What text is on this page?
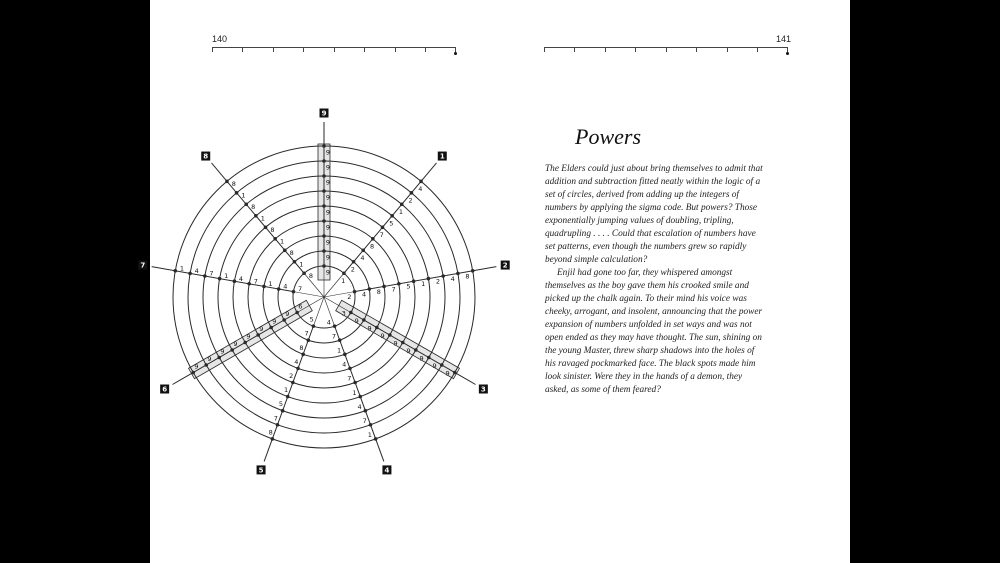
140	141
9
9
9
9
9
9
9
9
9
9
1
2
4
8
7
5
1
2
4
1
2 4 8 7 5 1 2 4 8
2
3
9
9
9
9
9
9
9
9
3
4
7
1
4
7
1
4
7
1
4
5
7
8
4
2
1
5
7
8
5
6
9
9
9
9
9
9
9
9
6
7
4
1
7
4
1
7
4
1
7
8
1
8
1
8
1
8
1
8
8
Powers

The Elders could just about bring themselves to admit that addition and subtraction fitted neatly within the logic of a set of circles, derived from adding up the integers of numbers by applying the sigma code. But powers? Those exponentially jumping values of doubling, tripling, quadrupling . . . . Could that escalation of numbers have set patterns, even though the numbers grew so rapidly beyond simple calculation?

Enjil had gone too far, they whispered amongst themselves as the boy gave them his crooked smile and picked up the chalk again. To their mind his voice was cheeky, arrogant, and insolent, announcing that the power expansion of numbers unfolded in set ways and was not open ended as they may have thought. The sun, shining on the young Master, threw sharp shadows into the holes of his ravaged pockmarked face. The black spots made him look sinister. Were they in the hands of a demon, they asked, as some of them feared?
